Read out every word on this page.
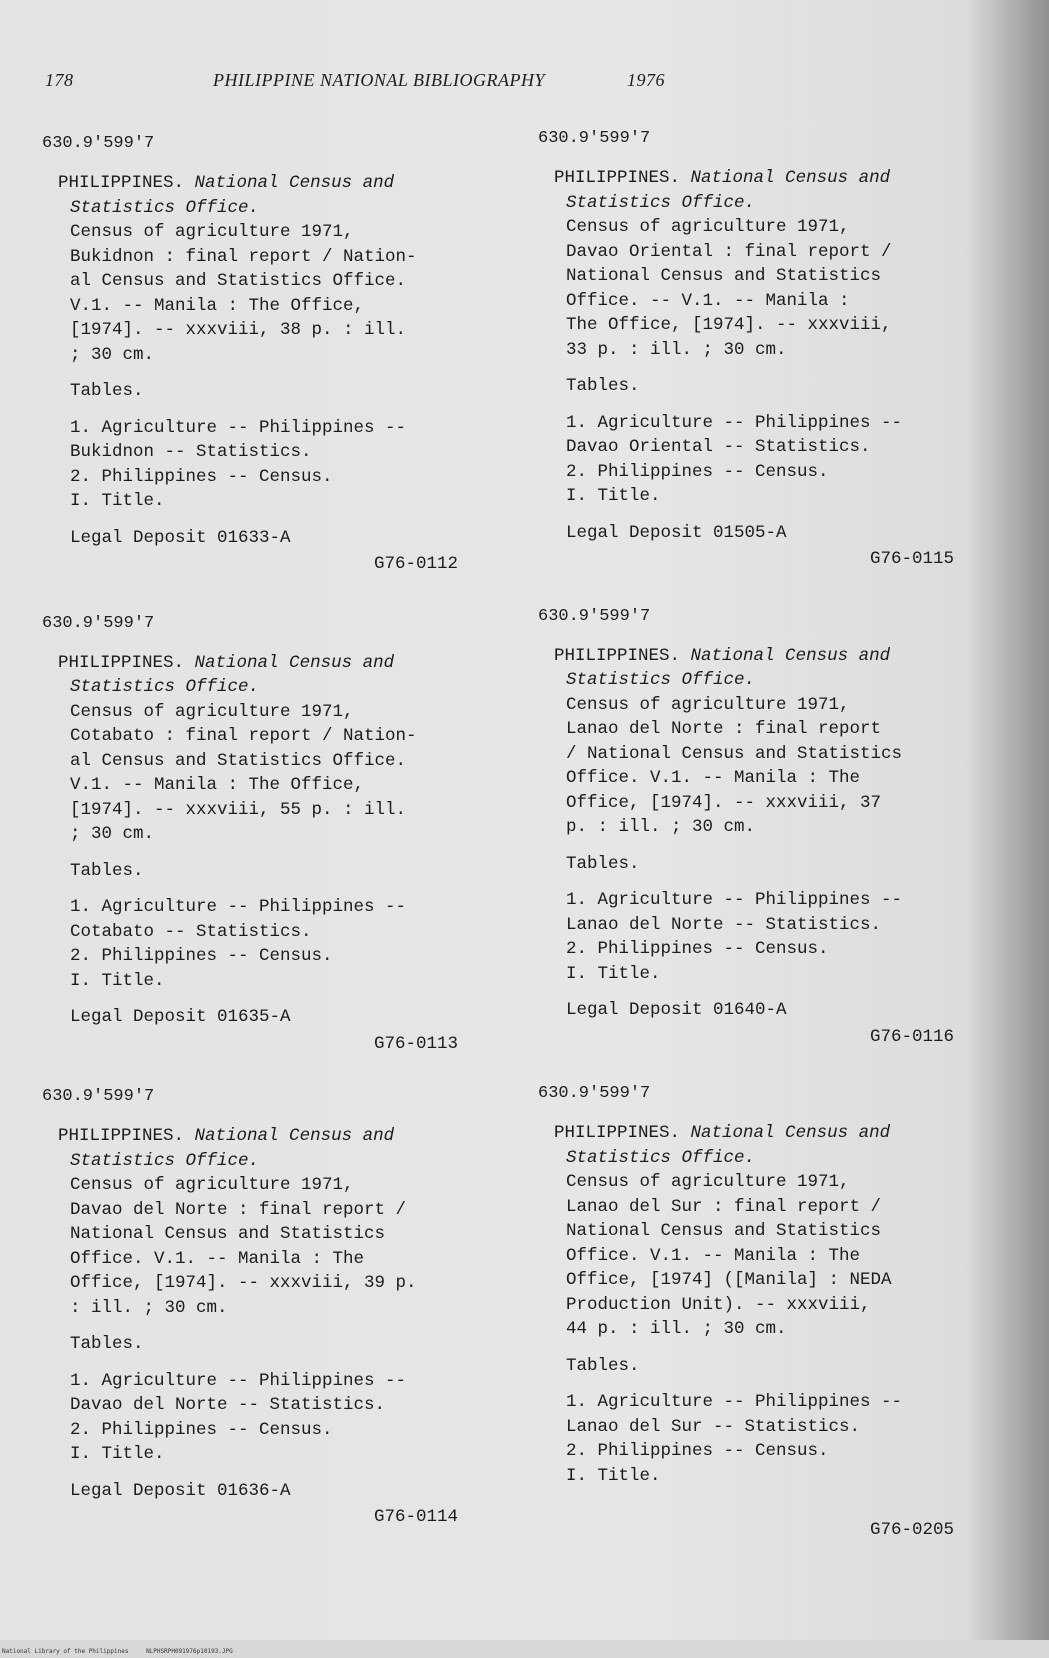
178	PHILIPPINE NATIONAL BIBLIOGRAPHY	1976
630.9'599'7
PHILIPPINES. National Census and
Statistics Office.
Census of agriculture 1971,
Bukidnon : final report / Nation-
al Census and Statistics Office.
V.1. -- Manila : The Office,
[1974]. -- xxxviii, 38 p. : ill.
; 30 cm.
Tables.
1. Agriculture -- Philippines --
Bukidnon -- Statistics.
2. Philippines -- Census.
I. Title.
Legal Deposit 01633-A
G76-0112
630.9'599'7
PHILIPPINES. National Census and
Statistics Office.
Census of agriculture 1971,
Cotabato : final report / Nation-
al Census and Statistics Office.
V.1. -- Manila : The Office,
[1974]. -- xxxviii, 55 p. : ill.
; 30 cm.
Tables.
1. Agriculture -- Philippines --
Cotabato -- Statistics.
2. Philippines -- Census.
I. Title.
Legal Deposit 01635-A
G76-0113
630.9'599'7
PHILIPPINES. National Census and
Statistics Office.
Census of agriculture 1971,
Davao del Norte : final report /
National Census and Statistics
Office. V.1. -- Manila : The
Office, [1974]. -- xxxviii, 39 p.
: ill. ; 30 cm.
Tables.
1. Agriculture -- Philippines --
Davao del Norte -- Statistics.
2. Philippines -- Census.
I. Title.
Legal Deposit 01636-A
G76-0114
630.9'599'7
PHILIPPINES. National Census and
Statistics Office.
Census of agriculture 1971,
Davao Oriental : final report /
National Census and Statistics
Office. -- V.1. -- Manila :
The Office, [1974]. -- xxxviii,
33 p. : ill. ; 30 cm.
Tables.
1. Agriculture -- Philippines --
Davao Oriental -- Statistics.
2. Philippines -- Census.
I. Title.
Legal Deposit 01505-A
G76-0115
630.9'599'7
PHILIPPINES. National Census and
Statistics Office.
Census of agriculture 1971,
Lanao del Norte : final report
/ National Census and Statistics
Office. V.1. -- Manila : The
Office, [1974]. -- xxxviii, 37
p. : ill. ; 30 cm.
Tables.
1. Agriculture -- Philippines --
Lanao del Norte -- Statistics.
2. Philippines -- Census.
I. Title.
Legal Deposit 01640-A
G76-0116
630.9'599'7
PHILIPPINES. National Census and
Statistics Office.
Census of agriculture 1971,
Lanao del Sur : final report /
National Census and Statistics
Office. V.1. -- Manila : The
Office, [1974] ([Manila] : NEDA
Production Unit). -- xxxviii,
44 p. : ill. ; 30 cm.
Tables.
1. Agriculture -- Philippines --
Lanao del Sur -- Statistics.
2. Philippines -- Census.
I. Title.
G76-0205
National Library of the Philippines	NLPHSRPH091976p10193.JPG
